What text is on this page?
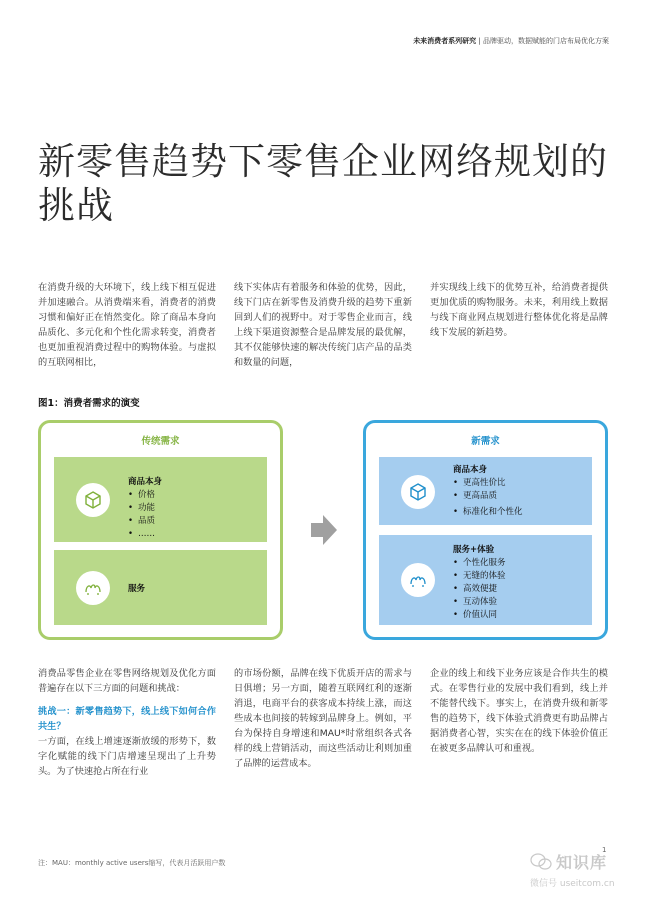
未来消费者系列研究 | 品牌驱动，数据赋能的门店布局优化方案
新零售趋势下零售企业网络规划的挑战

在消费升级的大环境下，线上线下相互促进并加速融合。从消费端来看，消费者的消费习惯和偏好正在悄然变化。除了商品本身向品质化、多元化和个性化需求转变，消费者也更加重视消费过程中的购物体验。与虚拟的互联网相比，

线下实体店有着服务和体验的优势，因此，线下门店在新零售及消费升级的趋势下重新回到人们的视野中。对于零售企业而言，线上线下渠道资源整合是品牌发展的最优解，其不仅能够快速的解决传统门店产品的品类和数量的问题，

并实现线上线下的优势互补，给消费者提供更加优质的购物服务。未来，利用线上数据与线下商业网点规划进行整体优化将是品牌线下发展的新趋势。

图1：消费者需求的演变
传统需求
商品本身
• 价格
• 功能
• 品质
• ……
服务
新需求
商品本身
• 更高性价比
• 更高品质
• 标准化和个性化
服务+体验
• 个性化服务
• 无缝的体验
• 高效便捷
• 互动体验
• 价值认同

消费品零售企业在零售网络规划及优化方面普遍存在以下三方面的问题和挑战：

挑战一：新零售趋势下，线上线下如何合作共生？

一方面，在线上增速逐渐放缓的形势下，数字化赋能的线下门店增速呈现出了上升势头。为了快速抢占所在行业

的市场份额，品牌在线下优质开店的需求与日俱增；另一方面，随着互联网红利的逐渐消退，电商平台的获客成本持续上涨，而这些成本也间接的转嫁到品牌身上。例如，平台为保持自身增速和MAU*时常组织各式各样的线上营销活动，而这些活动让利则加重了品牌的运营成本。

企业的线上和线下业务应该是合作共生的模式。在零售行业的发展中我们看到，线上并不能替代线下。事实上，在消费升级和新零售的趋势下，线下体验式消费更有助品牌占据消费者心智，实实在在的线下体验价值正在被更多品牌认可和重视。

注：MAU：monthly active users缩写，代表月活跃用户数
1
知识库
微信号 useitcom.cn
